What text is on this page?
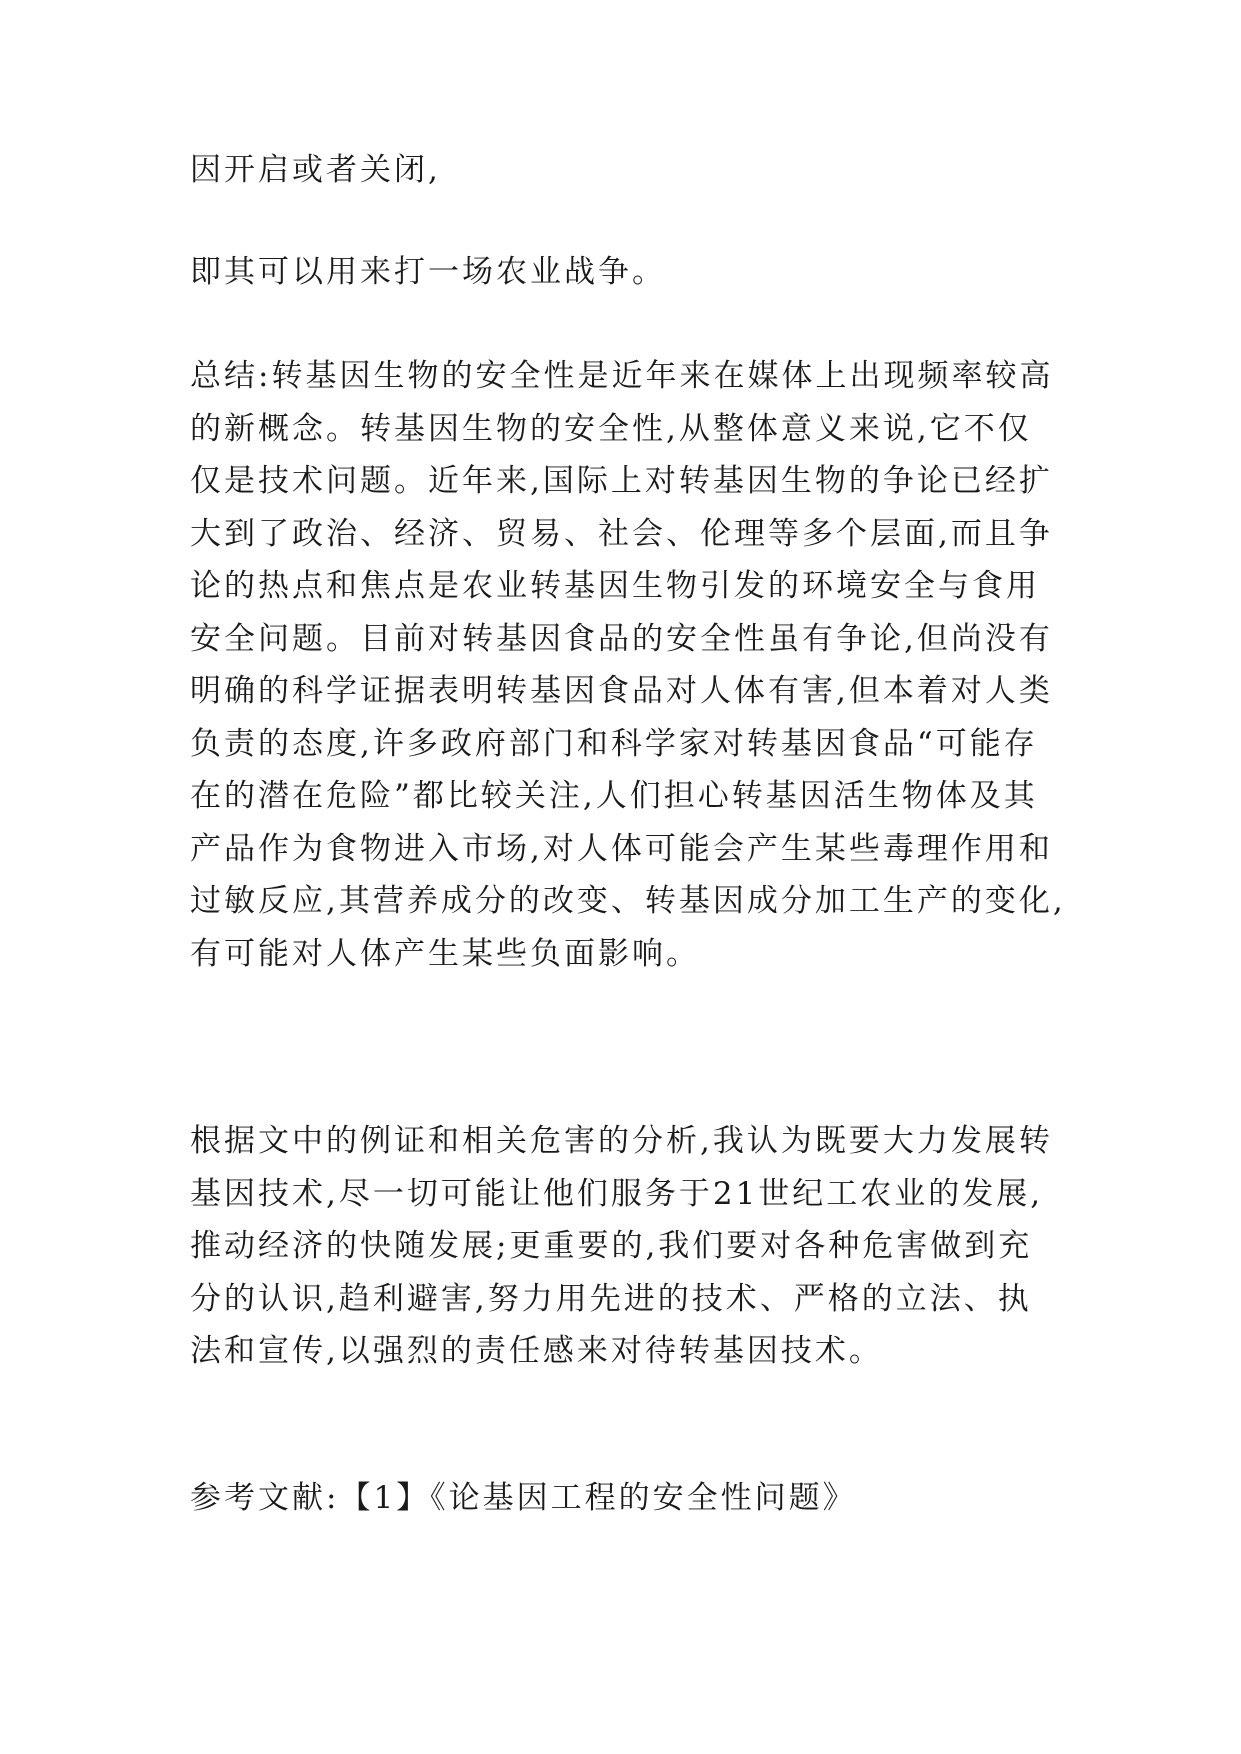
因开启或者关闭,

即其可以用来打一场农业战争。

总结:转基因生物的安全性是近年来在媒体上出现频率较高
的新概念。转基因生物的安全性,从整体意义来说,它不仅
仅是技术问题。近年来,国际上对转基因生物的争论已经扩
大到了政治、经济、贸易、社会、伦理等多个层面,而且争
论的热点和焦点是农业转基因生物引发的环境安全与食用
安全问题。目前对转基因食品的安全性虽有争论,但尚没有
明确的科学证据表明转基因食品对人体有害,但本着对人类
负责的态度,许多政府部门和科学家对转基因食品“可能存
在的潜在危险”都比较关注,人们担心转基因活生物体及其
产品作为食物进入市场,对人体可能会产生某些毒理作用和
过敏反应,其营养成分的改变、转基因成分加工生产的变化,
有可能对人体产生某些负面影响。
根据文中的例证和相关危害的分析,我认为既要大力发展转
基因技术,尽一切可能让他们服务于21世纪工农业的发展,
推动经济的快随发展;更重要的,我们要对各种危害做到充
分的认识,趋利避害,努力用先进的技术、严格的立法、执
法和宣传,以强烈的责任感来对待转基因技术。

参考文献:【1】《论基因工程的安全性问题》
